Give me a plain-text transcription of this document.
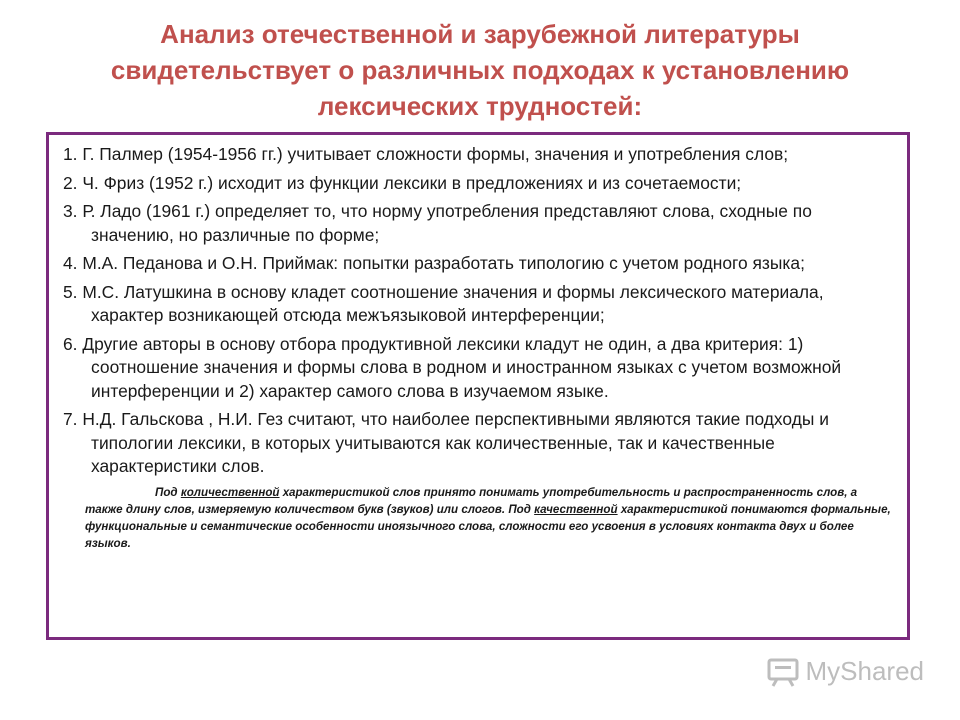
Анализ отечественной и зарубежной литературы
свидетельствует о различных подходах к установлению
лексических трудностей:
1. Г. Палмер (1954-1956 гг.) учитывает сложности формы, значения и употребления слов;
2. Ч. Фриз (1952 г.) исходит из функции лексики в предложениях и из сочетаемости;
3. Р. Ладо (1961 г.) определяет то, что норму употребления представляют слова, сходные по значению, но различные по форме;
4. М.А. Педанова и О.Н. Приймак: попытки разработать типологию с учетом родного языка;
5. М.С. Латушкина в основу кладет соотношение значения и формы лексического материала, характер возникающей отсюда межъязыковой интерференции;
6. Другие авторы в основу отбора продуктивной лексики кладут не один, а два критерия: 1) соотношение значения и формы слова в родном и иностранном языках с учетом возможной интерференции и 2) характер самого слова в изучаемом языке.
7. Н.Д. Гальскова , Н.И. Гез считают, что наиболее перспективными являются такие подходы и типологии лексики, в которых учитываются как количественные, так и качественные характеристики слов.
Под количественной характеристикой слов принято понимать употребительность и распространенность слов, а также длину слов, измеряемую количеством букв (звуков) или слогов. Под качественной характеристикой понимаются формальные, функциональные и семантические особенности иноязычного слова, сложности его усвоения в условиях контакта двух и более языков.
MyShared
